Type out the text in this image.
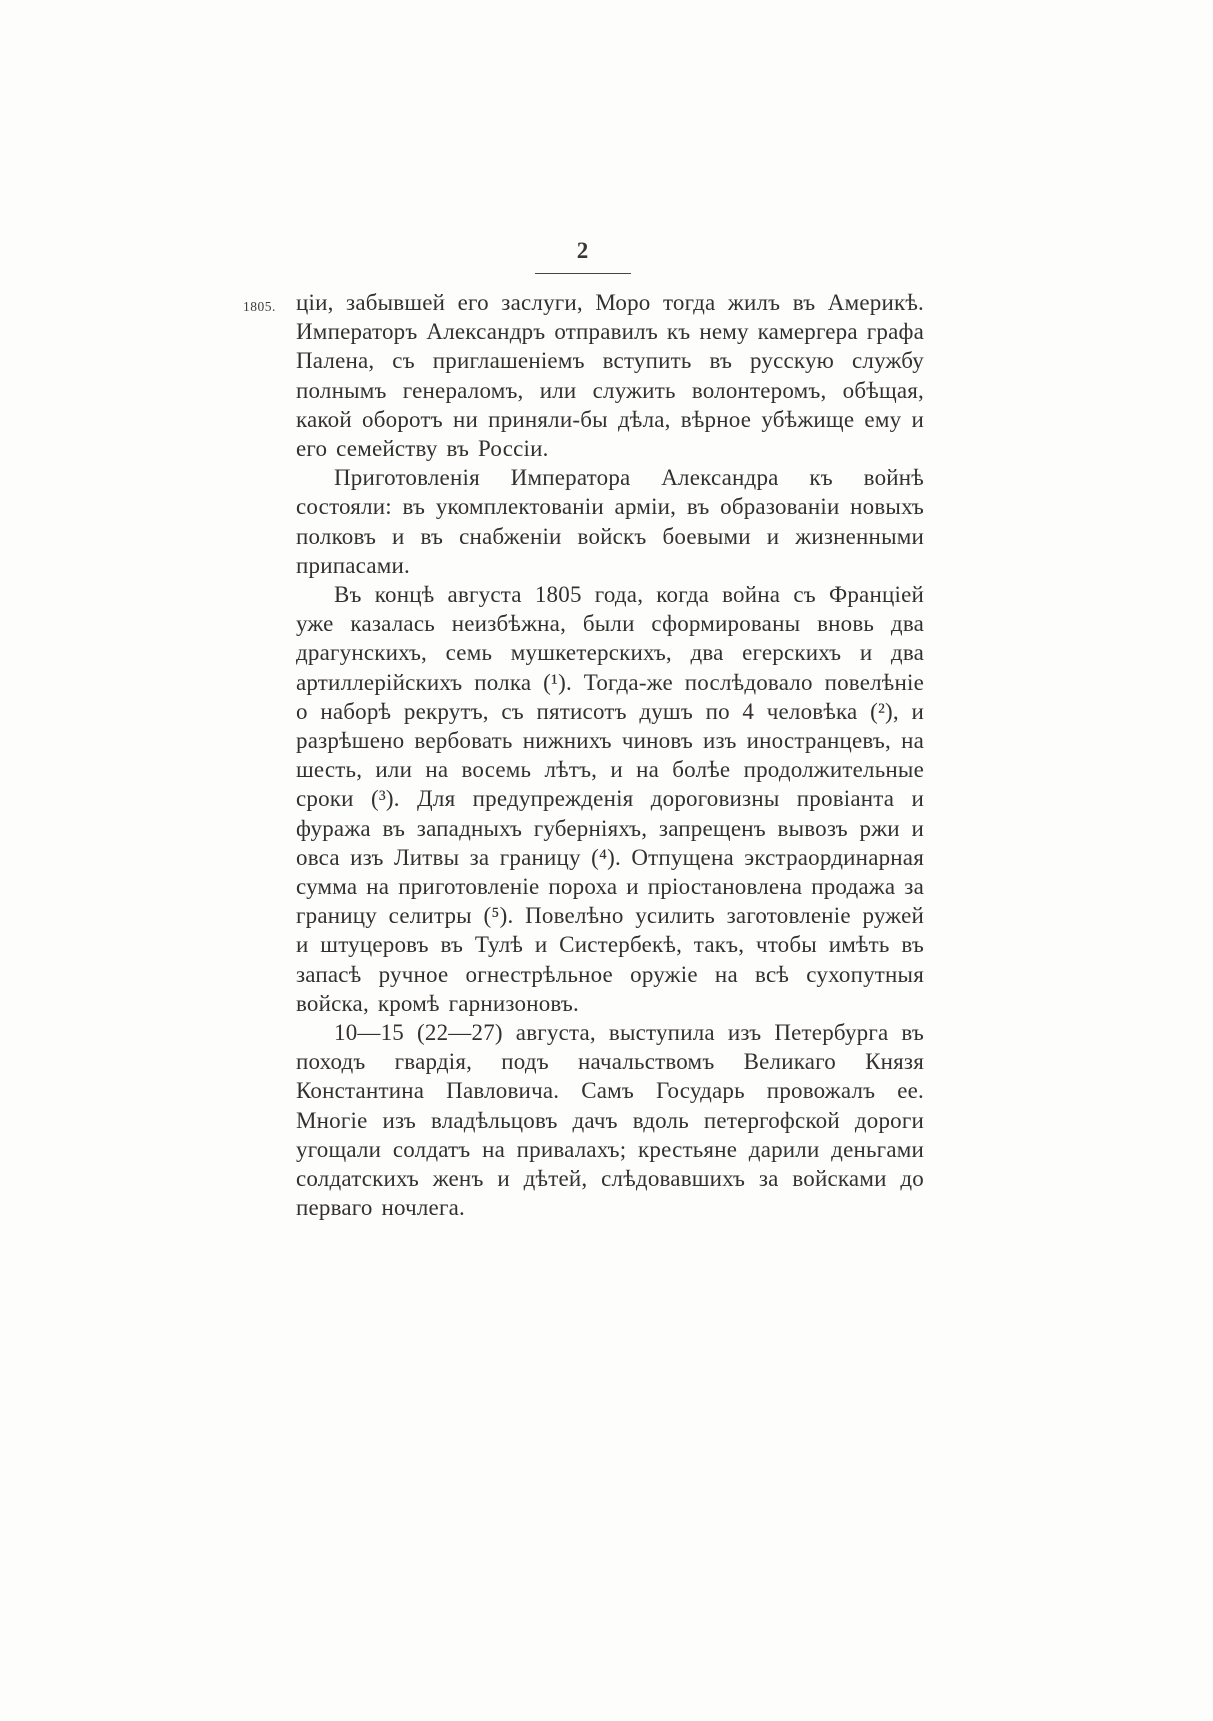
2
1805. ціи, забывшей его заслуги, Моро тогда жилъ въ Америкѣ. Императоръ Александръ отправилъ къ нему камергера графа Палена, съ приглашеніемъ вступить въ русскую службу полнымъ генераломъ, или служить волонтеромъ, обѣщая, какой оборотъ ни приняли-бы дѣла, вѣрное убѣжище ему и его семейству въ Россіи.

Приготовленія Императора Александра къ войнѣ состояли: въ укомплектованіи арміи, въ образованіи новыхъ полковъ и въ снабженіи войскъ боевыми и жизненными припасами.

Въ концѣ августа 1805 года, когда война съ Франціей уже казалась неизбѣжна, были сформированы вновь два драгунскихъ, семь мушкетерскихъ, два егерскихъ и два артиллерійскихъ полка (¹). Тогда-же послѣдовало повелѣніе о наборѣ рекрутъ, съ пятисотъ душъ по 4 человѣка (²), и разрѣшено вербовать нижнихъ чиновъ изъ иностранцевъ, на шесть, или на восемь лѣтъ, и на болѣе продолжительные сроки (³). Для предупрежденія дороговизны провіанта и фуража въ западныхъ губерніяхъ, запрещенъ вывозъ ржи и овса изъ Литвы за границу (⁴). Отпущена экстраординарная сумма на приготовленіе пороха и пріостановлена продажа за границу селитры (⁵). Повелѣно усилить заготовленіе ружей и штуцеровъ въ Тулѣ и Систербекѣ, такъ, чтобы имѣть въ запасѣ ручное огнестрѣльное оружіе на всѣ сухопутныя войска, кромѣ гарнизоновъ.

10—15 (22—27) августа, выступила изъ Петербурга въ походъ гвардія, подъ начальствомъ Великаго Князя Константина Павловича. Самъ Государь провожалъ ее. Многіе изъ владѣльцовъ дачъ вдоль петергофской дороги угощали солдатъ на привалахъ; крестьяне дарили деньгами солдатскихъ женъ и дѣтей, слѣдовавшихъ за войсками до перваго ночлега.
